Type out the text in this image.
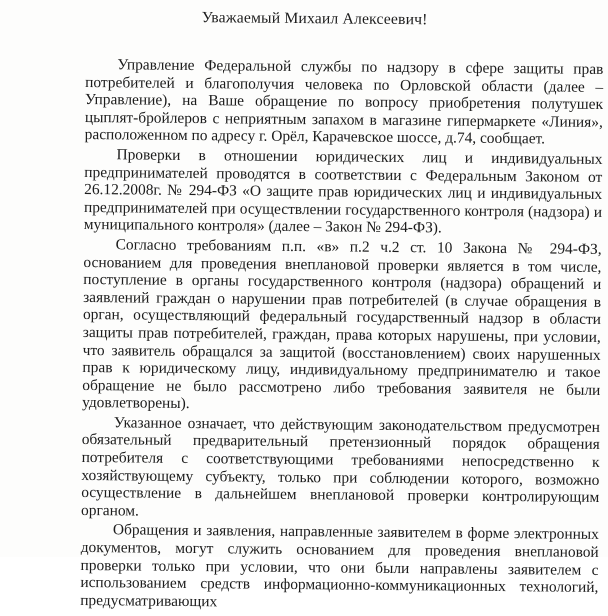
Уважаемый Михаил Алексеевич!

Управление Федеральной службы по надзору в сфере защиты прав потребителей и благополучия человека по Орловской области (далее – Управление), на Ваше обращение по вопросу приобретения полутушек цыплят-бройлеров с неприятным запахом в магазине гипермаркете «Линия», расположенном по адресу г. Орёл, Карачевское шоссе, д.74, сообщает.

Проверки в отношении юридических лиц и индивидуальных предпринимателей проводятся в соответствии с Федеральным Законом от 26.12.2008г. № 294-ФЗ «О защите прав юридических лиц и индивидуальных предпринимателей при осуществлении государственного контроля (надзора) и муниципального контроля» (далее – Закон № 294-ФЗ).

Согласно требованиям п.п. «в» п.2 ч.2 ст. 10 Закона № 294-ФЗ, основанием для проведения внеплановой проверки является в том числе, поступление в органы государственного контроля (надзора) обращений и заявлений граждан о нарушении прав потребителей (в случае обращения в орган, осуществляющий федеральный государственный надзор в области защиты прав потребителей, граждан, права которых нарушены, при условии, что заявитель обращался за защитой (восстановлением) своих нарушенных прав к юридическому лицу, индивидуальному предпринимателю и такое обращение не было рассмотрено либо требования заявителя не были удовлетворены).

Указанное означает, что действующим законодательством предусмотрен обязательный предварительный претензионный порядок обращения потребителя с соответствующими требованиями непосредственно к хозяйствующему субъекту, только при соблюдении которого, возможно осуществление в дальнейшем внеплановой проверки контролирующим органом.

Обращения и заявления, направленные заявителем в форме электронных документов, могут служить основанием для проведения внеплановой проверки только при условии, что они были направлены заявителем с использованием средств информационно-коммуникационных технологий, предусматривающих
